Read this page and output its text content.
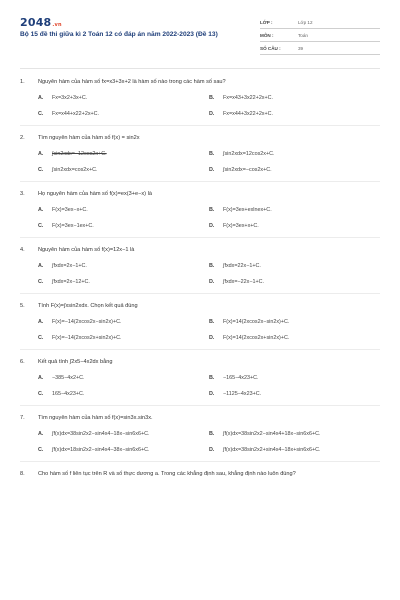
2048.vn
Bộ 15 đề thi giữa kì 2 Toán 12 có đáp án năm 2022-2023 (Đề 13)
LỚP :	Lớp 12
MÔN :	Toán
SỐ CÂU :	39
1.	Nguyên hàm của hàm số fx=x3+3x+2 là hàm số nào trong các hàm số sau?
A.	Fx=3x2+3x+C.	B.	Fx=x43+3x22+2x+C.
C.	Fx=x44+x22+2x+C.	D.	Fx=x44+3x22+2x+C.
2.	Tìm nguyên hàm của hàm số f(x) = sin2x
A.	∫sin2xdx=−12cos2x+C.	B.	∫sin2xdx=12cos2x+C.
C.	∫sin2xdx=cos2x+C.	D.	∫sin2xdx=−cos2x+C.
3.	Họ nguyên hàm của hàm số f(x)=ex(3+e−x) là
A.	F(x)=3ex−x+C.	B.	F(x)=3ex+exlnex+C.
C.	F(x)=3ex−1ex+C.	D.	F(x)=3ex+x+C.
4.	Nguyên hàm của hàm số f(x)=12x−1 là
A.	∫fxdx=2x−1+C.	B.	∫fxdx=22x−1+C.
C.	∫fxdx=2x−12+C.	D.	∫fxdx=−22x−1+C.
5.	Tính F(x)=∫xsin2xdx. Chọn kết quả đúng
A.	F(x)=−14(2xcos2x−sin2x)+C.	B.	F(x)=14(2xcos2x−sin2x)+C.
C.	F(x)=−14(2xcos2x+sin2x)+C.	D.	F(x)=14(2xcos2x+sin2x)+C.
6.	Kết quả tính ∫2x5−4x2dx bằng
A.	−385−4x2+C.	B.	−165−4x23+C.
C.	165−4x23+C.	D.	−1125−4x23+C.
7.	Tìm nguyên hàm của hàm số f(x)=sin3x.sin3x.
A.	∫f(x)dx=38sin2x2−sin4x4−18x−sin6x6+C.	B.	∫f(x)dx=38sin2x2−sin4x4+18x−sin6x6+C.
C.	∫f(x)dx=18sin2x2−sin4x4−38x−sin6x6+C.	D.	∫f(x)dx=38sin2x2+sin4x4−18x+sin6x6+C.
8.	Cho hàm số f liên tục trên R và số thực dương a. Trong các khẳng định sau, khẳng định nào luôn đúng?
